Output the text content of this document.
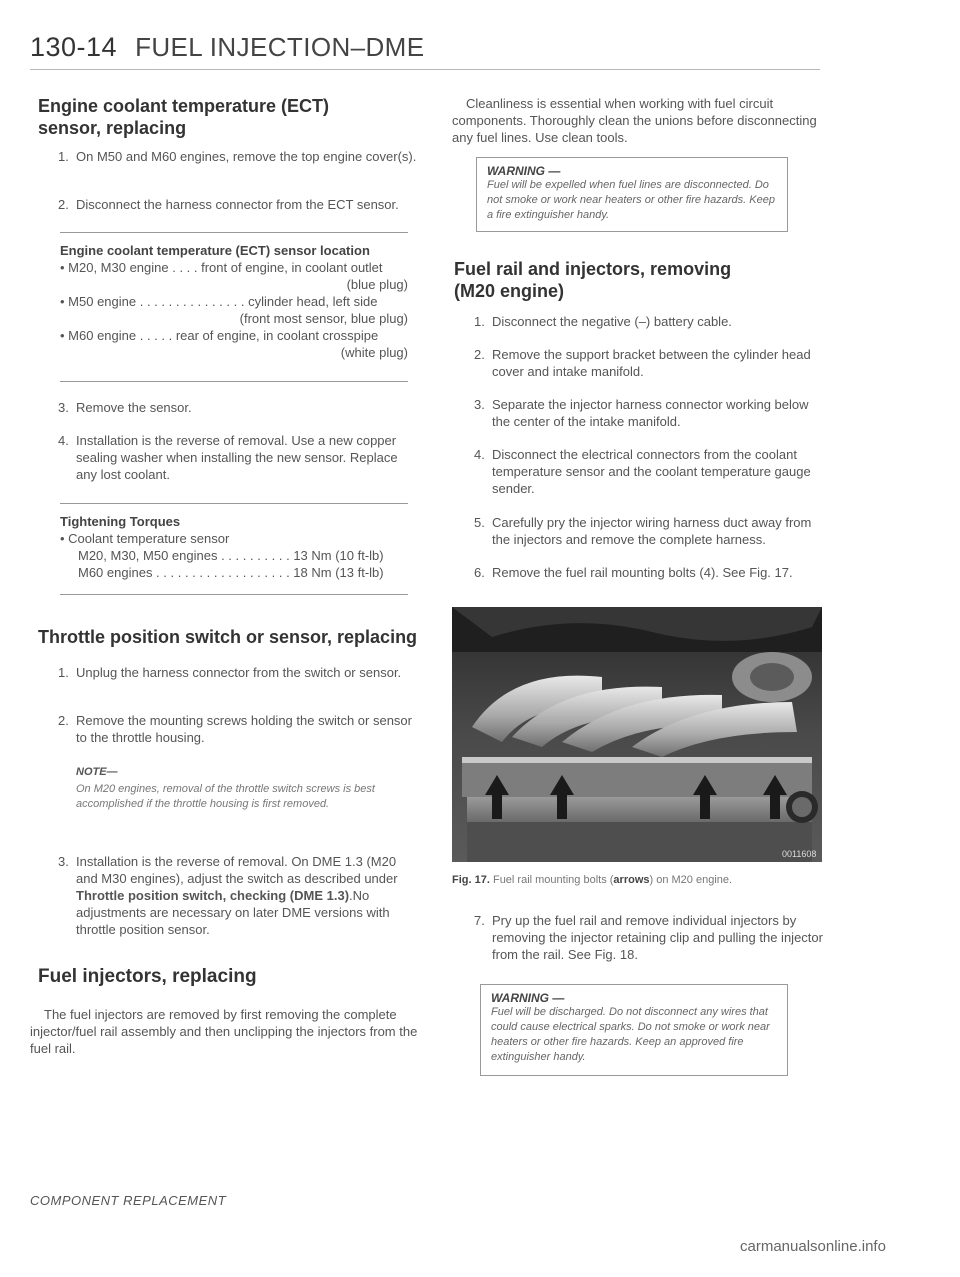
130-14 FUEL INJECTION–DME
Engine coolant temperature (ECT) sensor, replacing
1. On M50 and M60 engines, remove the top engine cover(s).
2. Disconnect the harness connector from the ECT sensor.
Engine coolant temperature (ECT) sensor location
• M20, M30 engine . . . . front of engine, in coolant outlet
(blue plug)
• M50 engine . . . . . . . . . . . . . . . cylinder head, left side
(front most sensor, blue plug)
• M60 engine . . . . . rear of engine, in coolant crosspipe
(white plug)
3. Remove the sensor.
4. Installation is the reverse of removal. Use a new copper sealing washer when installing the new sensor. Replace any lost coolant.
Tightening Torques
• Coolant temperature sensor
M20, M30, M50 engines . . . . . . . . . . 13 Nm (10 ft-lb)
M60 engines . . . . . . . . . . . . . . . . . . . 18 Nm (13 ft-lb)
Throttle position switch or sensor, replacing
1. Unplug the harness connector from the switch or sensor.
2. Remove the mounting screws holding the switch or sensor to the throttle housing.
NOTE—
On M20 engines, removal of the throttle switch screws is best accomplished if the throttle housing is first removed.
3. Installation is the reverse of removal. On DME 1.3 (M20 and M30 engines), adjust the switch as described under Throttle position switch, checking (DME 1.3).No adjustments are necessary on later DME versions with throttle position sensor.
Fuel injectors, replacing
The fuel injectors are removed by first removing the complete injector/fuel rail assembly and then unclipping the injectors from the fuel rail.
Cleanliness is essential when working with fuel circuit components. Thoroughly clean the unions before disconnecting any fuel lines. Use clean tools.
WARNING —
Fuel will be expelled when fuel lines are disconnected. Do not smoke or work near heaters or other fire hazards. Keep a fire extinguisher handy.
Fuel rail and injectors, removing (M20 engine)
1. Disconnect the negative (–) battery cable.
2. Remove the support bracket between the cylinder head cover and intake manifold.
3. Separate the injector harness connector working below the center of the intake manifold.
4. Disconnect the electrical connectors from the coolant temperature sensor and the coolant temperature gauge sender.
5. Carefully pry the injector wiring harness duct away from the injectors and remove the complete harness.
6. Remove the fuel rail mounting bolts (4). See Fig. 17.
0011608
Fig. 17. Fuel rail mounting bolts (arrows) on M20 engine.
7. Pry up the fuel rail and remove individual injectors by removing the injector retaining clip and pulling the injector from the rail. See Fig. 18.
WARNING —
Fuel will be discharged. Do not disconnect any wires that could cause electrical sparks. Do not smoke or work near heaters or other fire hazards. Keep an approved fire extinguisher handy.
COMPONENT REPLACEMENT
carmanualsonline.info
